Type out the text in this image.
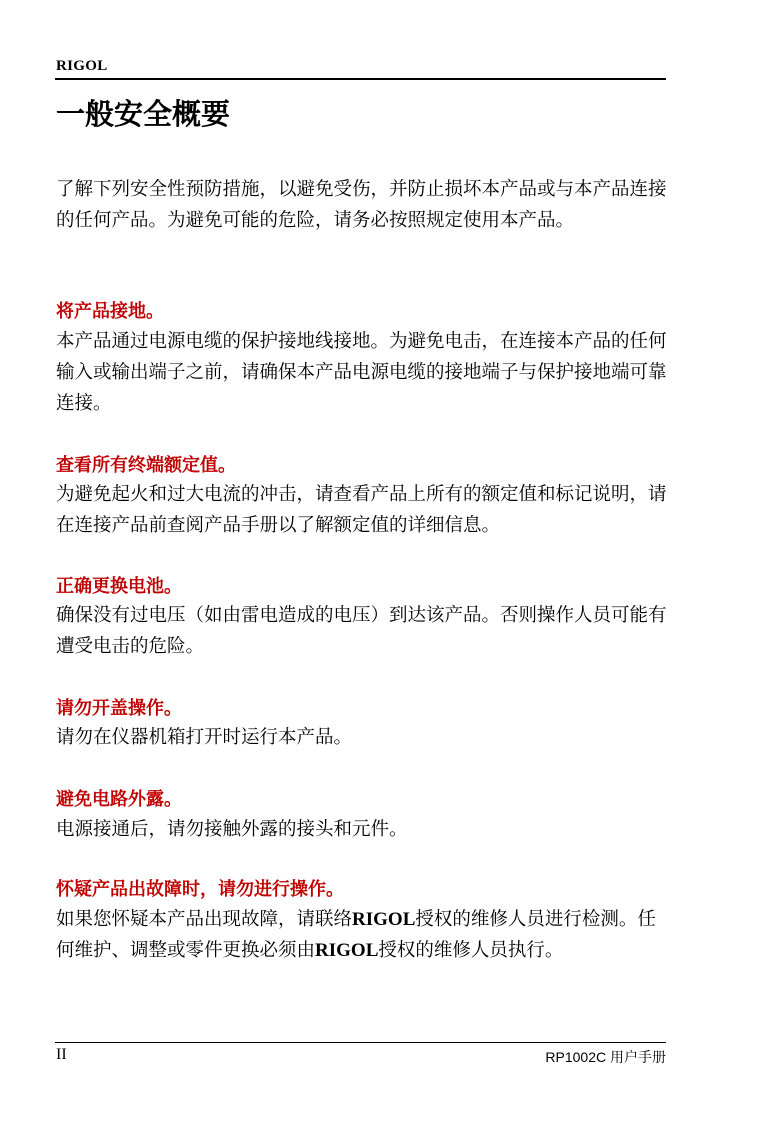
RIGOL
一般安全概要

了解下列安全性预防措施，以避免受伤，并防止损坏本产品或与本产品连接的任何产品。为避免可能的危险，请务必按照规定使用本产品。

将产品接地。

本产品通过电源电缆的保护接地线接地。为避免电击，在连接本产品的任何输入或输出端子之前，请确保本产品电源电缆的接地端子与保护接地端可靠连接。

查看所有终端额定值。

为避免起火和过大电流的冲击，请查看产品上所有的额定值和标记说明，请在连接产品前查阅产品手册以了解额定值的详细信息。

正确更换电池。

确保没有过电压（如由雷电造成的电压）到达该产品。否则操作人员可能有遭受电击的危险。

请勿开盖操作。

请勿在仪器机箱打开时运行本产品。

避免电路外露。

电源接通后，请勿接触外露的接头和元件。

怀疑产品出故障时，请勿进行操作。

如果您怀疑本产品出现故障，请联络RIGOL授权的维修人员进行检测。任何维护、调整或零件更换必须由RIGOL授权的维修人员执行。

II	RP1002C 用户手册
